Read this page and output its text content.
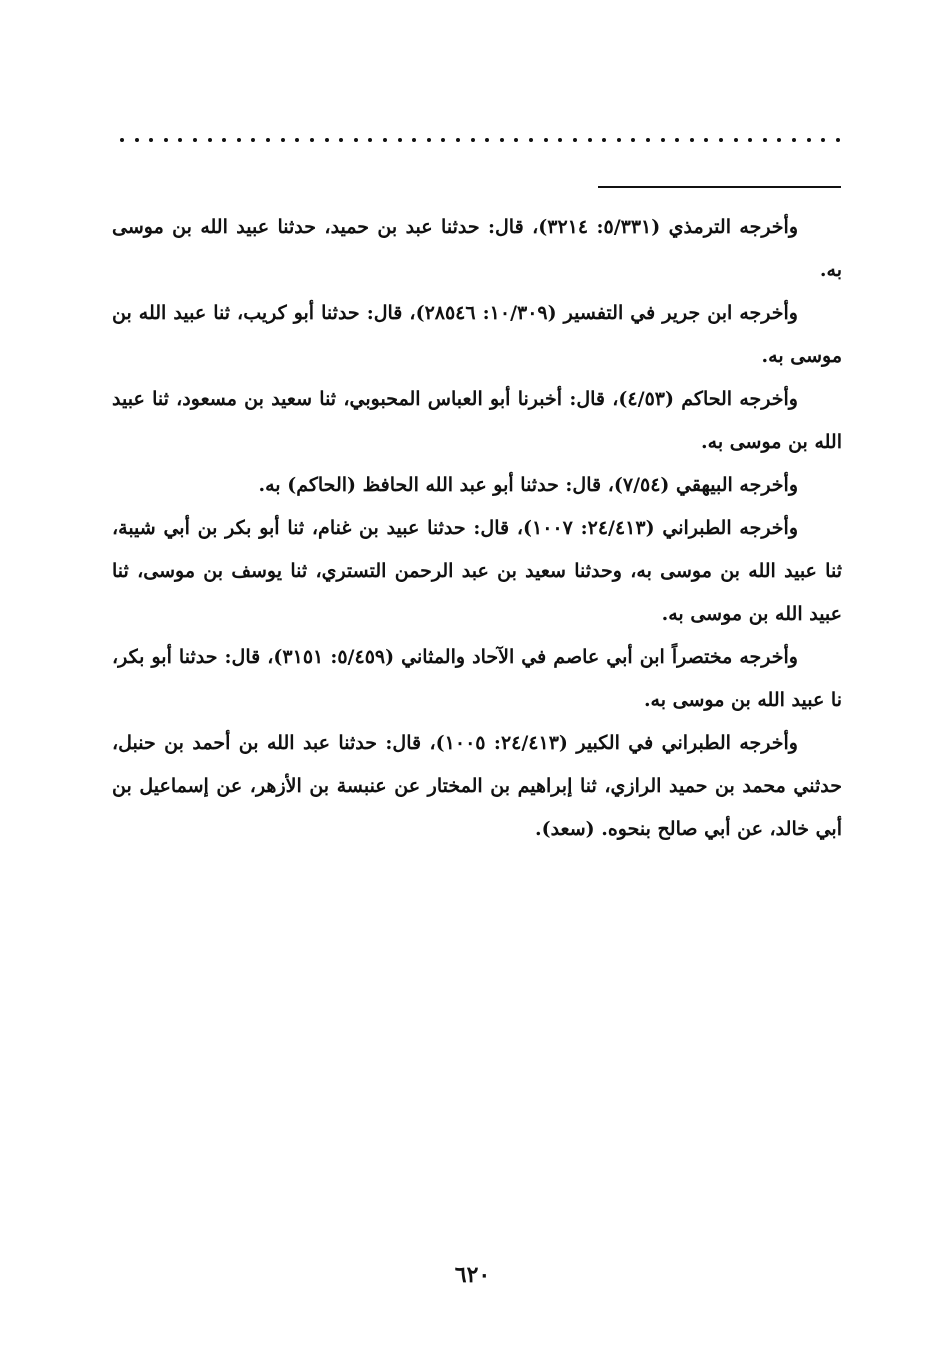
وأخرجه الترمذي (٥/٣٣١: ٣٢١٤)، قال: حدثنا عبد بن حميد، حدثنا عبيد الله بن موسى به.

وأخرجه ابن جرير في التفسير (١٠/٣٠٩: ٢٨٥٤٦)، قال: حدثنا أبو كريب، ثنا عبيد الله بن موسى به.

وأخرجه الحاكم (٤/٥٣)، قال: أخبرنا أبو العباس المحبوبي، ثنا سعيد بن مسعود، ثنا عبيد الله بن موسى به.

وأخرجه البيهقي (٧/٥٤)، قال: حدثنا أبو عبد الله الحافظ (الحاكم) به.

وأخرجه الطبراني (٢٤/٤١٣: ١٠٠٧)، قال: حدثنا عبيد بن غنام، ثنا أبو بكر بن أبي شيبة، ثنا عبيد الله بن موسى به، وحدثنا سعيد بن عبد الرحمن التستري، ثنا يوسف بن موسى، ثنا عبيد الله بن موسى به.

وأخرجه مختصراً ابن أبي عاصم في الآحاد والمثاني (٥/٤٥٩: ٣١٥١)، قال: حدثنا أبو بكر، نا عبيد الله بن موسى به.

وأخرجه الطبراني في الكبير (٢٤/٤١٣: ١٠٠٥)، قال: حدثنا عبد الله بن أحمد بن حنبل، حدثني محمد بن حميد الرازي، ثنا إبراهيم بن المختار عن عنبسة بن الأزهر، عن إسماعيل بن أبي خالد، عن أبي صالح بنحوه. (سعد).

٦٢٠
